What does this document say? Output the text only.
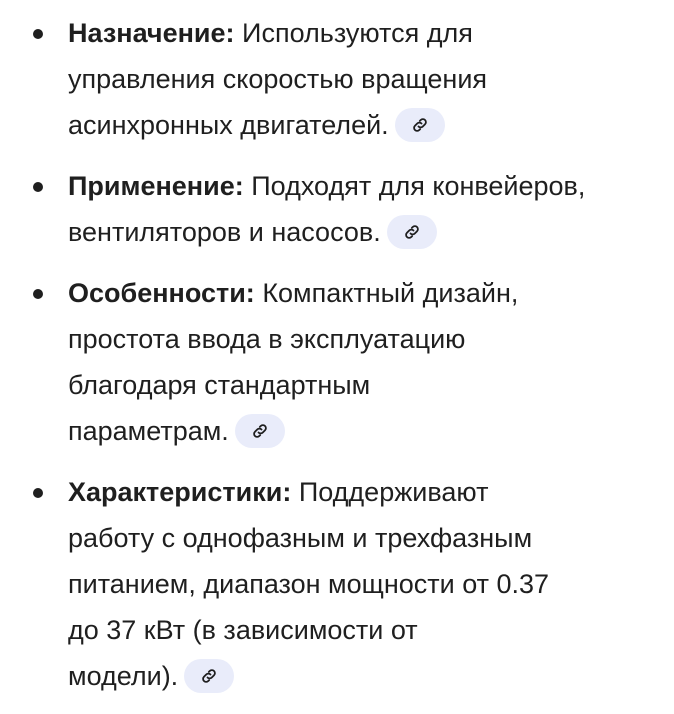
Назначение: Используются для
управления скоростью вращения
асинхронных двигателей.
Применение: Подходят для конвейеров,
вентиляторов и насосов.
Особенности: Компактный дизайн,
простота ввода в эксплуатацию
благодаря стандартным
параметрам.
Характеристики: Поддерживают
работу с однофазным и трехфазным
питанием, диапазон мощности от 0.37
до 37 кВт (в зависимости от
модели).
